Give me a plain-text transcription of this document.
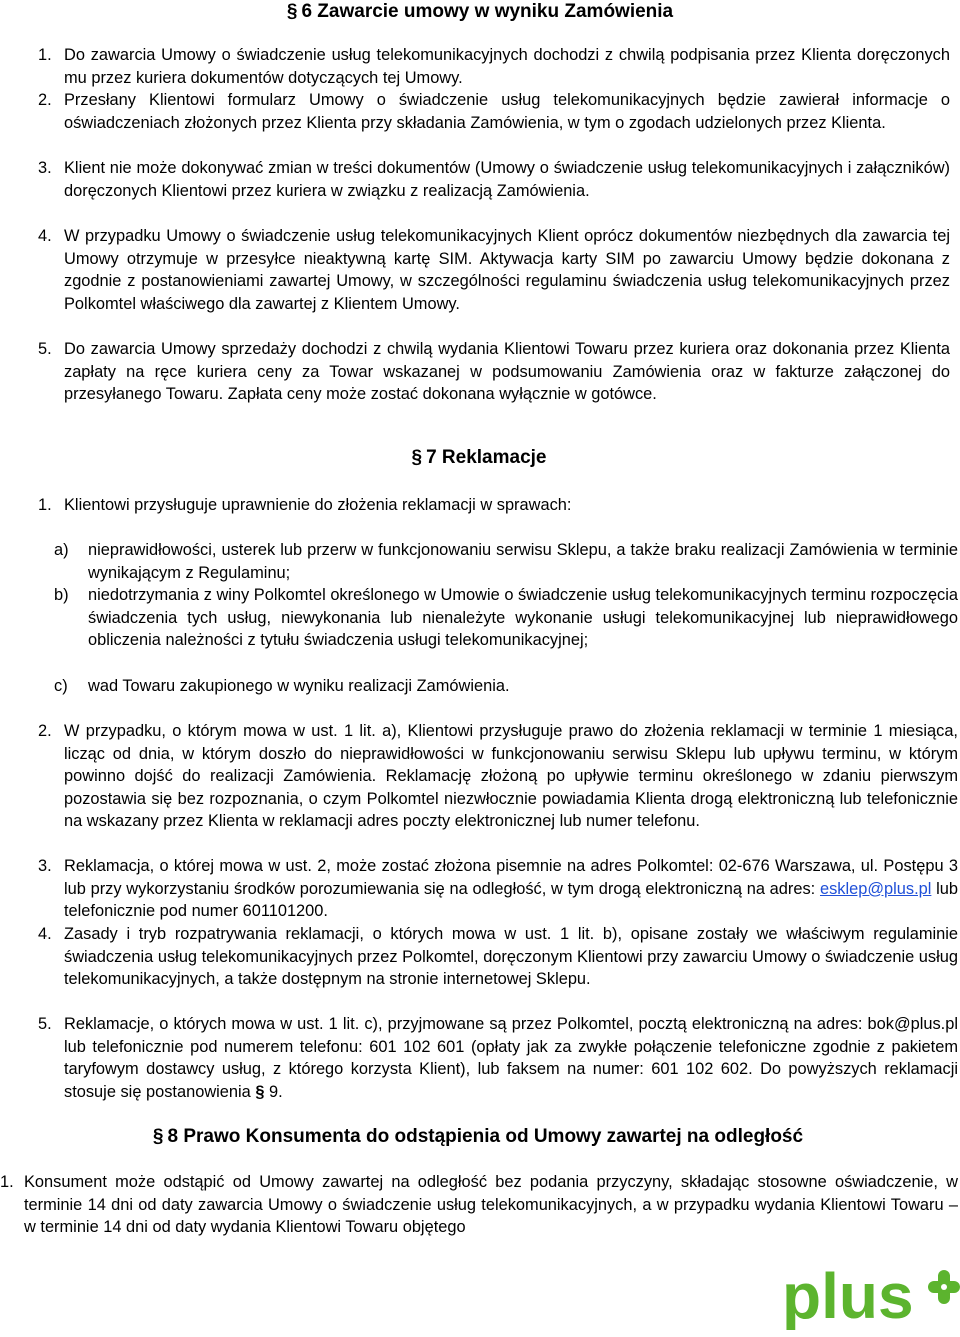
§ 6 Zawarcie umowy w wyniku Zamówienia
1. Do zawarcia Umowy o świadczenie usług telekomunikacyjnych dochodzi z chwilą podpisania przez Klienta doręczonych mu przez kuriera dokumentów dotyczących tej Umowy.
2. Przesłany Klientowi formularz Umowy o świadczenie usług telekomunikacyjnych będzie zawierał informacje o oświadczeniach złożonych przez Klienta przy składania Zamówienia, w tym o zgodach udzielonych przez Klienta.
3. Klient nie może dokonywać zmian w treści dokumentów (Umowy o świadczenie usług telekomunikacyjnych i załączników) doręczonych Klientowi przez kuriera w związku z realizacją Zamówienia.
4. W przypadku Umowy o świadczenie usług telekomunikacyjnych Klient oprócz dokumentów niezbędnych dla zawarcia tej Umowy otrzymuje w przesyłce nieaktywną kartę SIM. Aktywacja karty SIM po zawarciu Umowy będzie dokonana z zgodnie z postanowieniami zawartej Umowy, w szczególności regulaminu świadczenia usług telekomunikacyjnych przez Polkomtel właściwego dla zawartej z Klientem Umowy.
5. Do zawarcia Umowy sprzedaży dochodzi z chwilą wydania Klientowi Towaru przez kuriera oraz dokonania przez Klienta zapłaty na ręce kuriera ceny za Towar wskazanej w podsumowaniu Zamówienia oraz w fakturze załączonej do przesyłanego Towaru. Zapłata ceny może zostać dokonana wyłącznie w gotówce.
§ 7 Reklamacje
1. Klientowi przysługuje uprawnienie do złożenia reklamacji w sprawach:
a) nieprawidłowości, usterek lub przerw w funkcjonowaniu serwisu Sklepu, a także braku realizacji Zamówienia w terminie wynikającym z Regulaminu;
b) niedotrzymania z winy Polkomtel określonego w Umowie o świadczenie usług telekomunikacyjnych terminu rozpoczęcia świadczenia tych usług, niewykonania lub nienależyte wykonanie usługi telekomunikacyjnej lub nieprawidłowego obliczenia należności z tytułu świadczenia usługi telekomunikacyjnej;
c) wad Towaru zakupionego w wyniku realizacji Zamówienia.
2. W przypadku, o którym mowa w ust. 1 lit. a), Klientowi przysługuje prawo do złożenia reklamacji w terminie 1 miesiąca, licząc od dnia, w którym doszło do nieprawidłowości w funkcjonowaniu serwisu Sklepu lub upływu terminu, w którym powinno dojść do realizacji Zamówienia. Reklamację złożoną po upływie terminu określonego w zdaniu pierwszym pozostawia się bez rozpoznania, o czym Polkomtel niezwłocznie powiadamia Klienta drogą elektroniczną lub telefonicznie na wskazany przez Klienta w reklamacji adres poczty elektronicznej lub numer telefonu.
3. Reklamacja, o której mowa w ust. 2, może zostać złożona pisemnie na adres Polkomtel: 02-676 Warszawa, ul. Postępu 3 lub przy wykorzystaniu środków porozumiewania się na odległość, w tym drogą elektroniczną na adres: esklep@plus.pl lub telefonicznie pod numer 601101200.
4. Zasady i tryb rozpatrywania reklamacji, o których mowa w ust. 1 lit. b), opisane zostały we właściwym regulaminie świadczenia usług telekomunikacyjnych przez Polkomtel, doręczonym Klientowi przy zawarciu Umowy o świadczenie usług telekomunikacyjnych, a także dostępnym na stronie internetowej Sklepu.
5. Reklamacje, o których mowa w ust. 1 lit. c), przyjmowane są przez Polkomtel, pocztą elektroniczną na adres: bok@plus.pl lub telefonicznie pod numerem telefonu: 601 102 601 (opłaty jak za zwykłe połączenie telefoniczne zgodnie z pakietem taryfowym dostawcy usług, z którego korzysta Klient), lub faksem na numer: 601 102 602. Do powyższych reklamacji stosuje się postanowienia § 9.
§ 8 Prawo Konsumenta do odstąpienia od Umowy zawartej na odległość
1. Konsument może odstąpić od Umowy zawartej na odległość bez podania przyczyny, składając stosowne oświadczenie, w terminie 14 dni od daty zawarcia Umowy o świadczenie usług telekomunikacyjnych, a w przypadku wydania Klientowi Towaru – w terminie 14 dni od daty wydania Klientowi Towaru objętego
plus
